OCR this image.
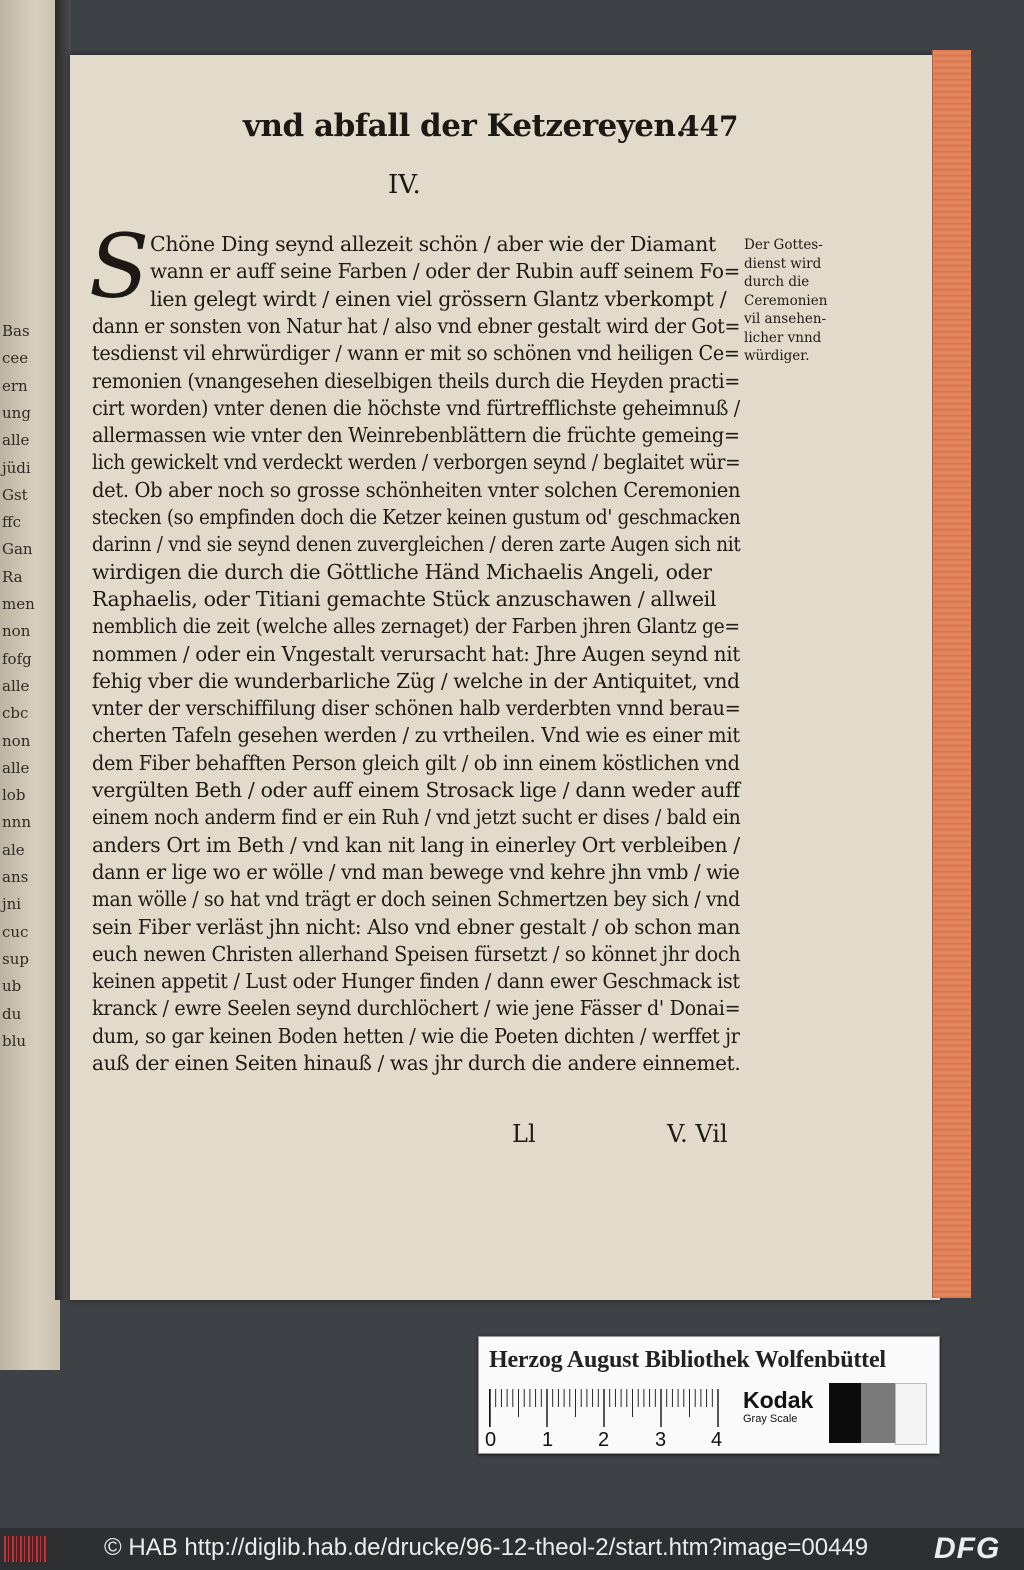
Bas
cee
ern
ung
alle
jüdi
Gst
ffc
Gan
Ra
men
non
fofg
alle
cbc
non
alle
lob
nnn
ale
ans
jni
cuc
sup
ub
du
blu
vnd abfall der Ketzereyen.
447
IV.
S Chöne Ding seynd allezeit schön / aber wie der Diamant
wann er auff seine Farben / oder der Rubin auff seinem Fo=
lien gelegt wirdt / einen viel grössern Glantz vberkompt /
dann er sonsten von Natur hat / also vnd ebner gestalt wird der Got=
tesdienst vil ehrwürdiger / wann er mit so schönen vnd heiligen Ce=
remonien (vnangesehen dieselbigen theils durch die Heyden practi=
cirt worden) vnter denen die höchste vnd fürtrefflichste geheimnuß /
allermassen wie vnter den Weinrebenblättern die früchte gemeing=
lich gewickelt vnd verdeckt werden / verborgen seynd / beglaitet wür=
det. Ob aber noch so grosse schönheiten vnter solchen Ceremonien
stecken (so empfinden doch die Ketzer keinen gustum od' geschmacken
darinn / vnd sie seynd denen zuvergleichen / deren zarte Augen sich nit
wirdigen die durch die Göttliche Händ Michaelis Angeli, oder
Raphaelis, oder Titiani gemachte Stück anzuschawen / allweil
nemblich die zeit (welche alles zernaget) der Farben jhren Glantz ge=
nommen / oder ein Vngestalt verursacht hat: Jhre Augen seynd nit
fehig vber die wunderbarliche Züg / welche in der Antiquitet, vnd
vnter der verschiffilung diser schönen halb verderbten vnnd berau=
cherten Tafeln gesehen werden / zu vrtheilen. Vnd wie es einer mit
dem Fiber behafften Person gleich gilt / ob inn einem köstlichen vnd
vergülten Beth / oder auff einem Strosack lige / dann weder auff
einem noch anderm find er ein Ruh / vnd jetzt sucht er dises / bald ein
anders Ort im Beth / vnd kan nit lang in einerley Ort verbleiben /
dann er lige wo er wölle / vnd man bewege vnd kehre jhn vmb / wie
man wölle / so hat vnd trägt er doch seinen Schmertzen bey sich / vnd
sein Fiber verläst jhn nicht: Also vnd ebner gestalt / ob schon man
euch newen Christen allerhand Speisen fürsetzt / so könnet jhr doch
keinen appetit / Lust oder Hunger finden / dann ewer Geschmack ist
kranck / ewre Seelen seynd durchlöchert / wie jene Fässer d' Donai=
dum, so gar keinen Boden hetten / wie die Poeten dichten / werffet jr
auß der einen Seiten hinauß / was jhr durch die andere einnemet.
Der Gottes-
dienst wird
durch die
Ceremonien
vil ansehen-
licher vnnd
würdiger.
Ll	V. Vil
Herzog August Bibliothek Wolfenbüttel
0 1 2 3 4
Kodak
Gray Scale
© HAB http://diglib.hab.de/drucke/96-12-theol-2/start.htm?image=00449 DFG
